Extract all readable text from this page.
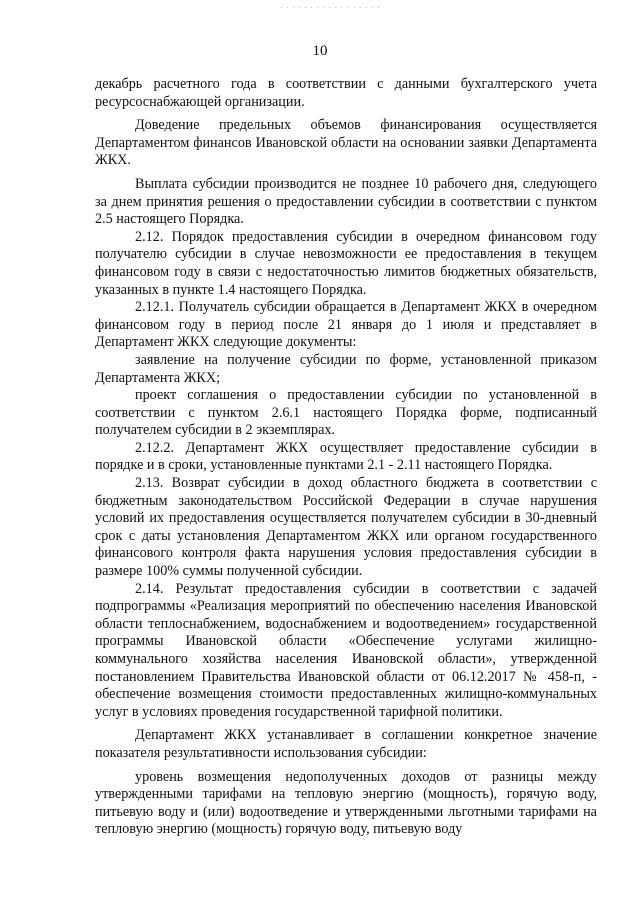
· · · · · · · · · · · · · · · · ·
10

декабрь расчетного года в соответствии с данными бухгалтерского учета ресурсоснабжающей организации.

Доведение предельных объемов финансирования осуществляется Департаментом финансов Ивановской области на основании заявки Департамента ЖКХ.

Выплата субсидии производится не позднее 10 рабочего дня, следующего за днем принятия решения о предоставлении субсидии в соответствии с пунктом 2.5 настоящего Порядка.

2.12. Порядок предоставления субсидии в очередном финансовом году получателю субсидии в случае невозможности ее предоставления в текущем финансовом году в связи с недостаточностью лимитов бюджетных обязательств, указанных в пункте 1.4 настоящего Порядка.

2.12.1. Получатель субсидии обращается в Департамент ЖКХ в очередном финансовом году в период после 21 января до 1 июля и представляет в Департамент ЖКХ следующие документы:

заявление на получение субсидии по форме, установленной приказом Департамента ЖКХ;

проект соглашения о предоставлении субсидии по установленной в соответствии с пунктом 2.6.1 настоящего Порядка форме, подписанный получателем субсидии в 2 экземплярах.

2.12.2. Департамент ЖКХ осуществляет предоставление субсидии в порядке и в сроки, установленные пунктами 2.1 - 2.11 настоящего Порядка.

2.13. Возврат субсидии в доход областного бюджета в соответствии с бюджетным законодательством Российской Федерации в случае нарушения условий их предоставления осуществляется получателем субсидии в 30-дневный срок с даты установления Департаментом ЖКХ или органом государственного финансового контроля факта нарушения условия предоставления субсидии в размере 100% суммы полученной субсидии.

2.14. Результат предоставления субсидии в соответствии с задачей подпрограммы «Реализация мероприятий по обеспечению населения Ивановской области теплоснабжением, водоснабжением и водоотведением» государственной программы Ивановской области «Обеспечение услугами жилищно-коммунального хозяйства населения Ивановской области», утвержденной постановлением Правительства Ивановской области от 06.12.2017 № 458-п, - обеспечение возмещения стоимости предоставленных жилищно-коммунальных услуг в условиях проведения государственной тарифной политики.

Департамент ЖКХ устанавливает в соглашении конкретное значение показателя результативности использования субсидии:

уровень возмещения недополученных доходов от разницы между утвержденными тарифами на тепловую энергию (мощность), горячую воду, питьевую воду и (или) водоотведение и утвержденными льготными тарифами на тепловую энергию (мощность) горячую воду, питьевую воду
